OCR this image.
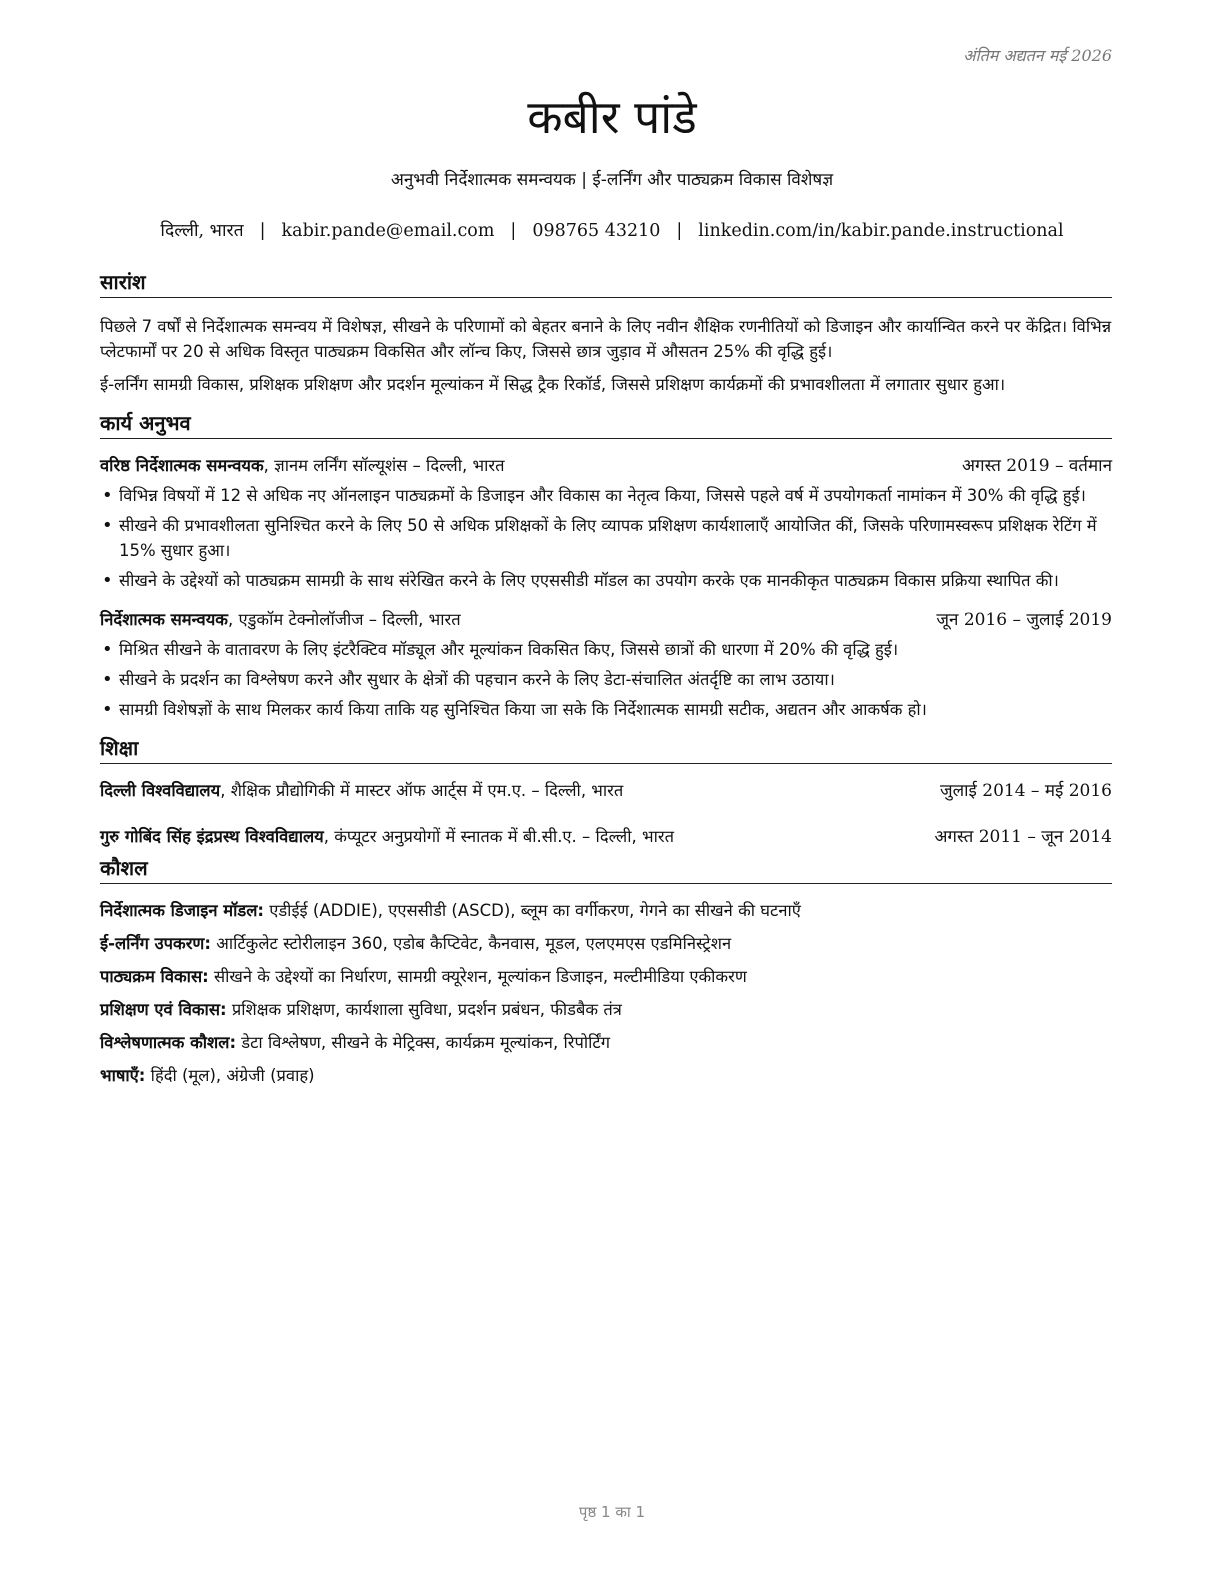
अंतिम अद्यतन मई 2026
कबीर पांडे
अनुभवी निर्देशात्मक समन्वयक | ई-लर्निंग और पाठ्यक्रम विकास विशेषज्ञ
दिल्ली, भारत | kabir.pande@email.com | 098765 43210 | linkedin.com/in/kabir.pande.instructional
सारांश

पिछले 7 वर्षों से निर्देशात्मक समन्वय में विशेषज्ञ, सीखने के परिणामों को बेहतर बनाने के लिए नवीन शैक्षिक रणनीतियों को डिजाइन और कार्यान्वित करने पर केंद्रित। विभिन्न प्लेटफार्मों पर 20 से अधिक विस्तृत पाठ्यक्रम विकसित और लॉन्च किए, जिससे छात्र जुड़ाव में औसतन 25% की वृद्धि हुई।

ई-लर्निंग सामग्री विकास, प्रशिक्षक प्रशिक्षण और प्रदर्शन मूल्यांकन में सिद्ध ट्रैक रिकॉर्ड, जिससे प्रशिक्षण कार्यक्रमों की प्रभावशीलता में लगातार सुधार हुआ।

कार्य अनुभव
वरिष्ठ निर्देशात्मक समन्वयक, ज्ञानम लर्निंग सॉल्यूशंस – दिल्ली, भारत	अगस्त 2019 – वर्तमान
• विभिन्न विषयों में 12 से अधिक नए ऑनलाइन पाठ्यक्रमों के डिजाइन और विकास का नेतृत्व किया, जिससे पहले वर्ष में उपयोगकर्ता नामांकन में 30% की वृद्धि हुई।
• सीखने की प्रभावशीलता सुनिश्चित करने के लिए 50 से अधिक प्रशिक्षकों के लिए व्यापक प्रशिक्षण कार्यशालाएँ आयोजित कीं, जिसके परिणामस्वरूप प्रशिक्षक रेटिंग में 15% सुधार हुआ।
• सीखने के उद्देश्यों को पाठ्यक्रम सामग्री के साथ संरेखित करने के लिए एएससीडी मॉडल का उपयोग करके एक मानकीकृत पाठ्यक्रम विकास प्रक्रिया स्थापित की।
निर्देशात्मक समन्वयक, एडुकॉम टेक्नोलॉजीज – दिल्ली, भारत	जून 2016 – जुलाई 2019
• मिश्रित सीखने के वातावरण के लिए इंटरैक्टिव मॉड्यूल और मूल्यांकन विकसित किए, जिससे छात्रों की धारणा में 20% की वृद्धि हुई।
• सीखने के प्रदर्शन का विश्लेषण करने और सुधार के क्षेत्रों की पहचान करने के लिए डेटा-संचालित अंतर्दृष्टि का लाभ उठाया।
• सामग्री विशेषज्ञों के साथ मिलकर कार्य किया ताकि यह सुनिश्चित किया जा सके कि निर्देशात्मक सामग्री सटीक, अद्यतन और आकर्षक हो।
शिक्षा
दिल्ली विश्वविद्यालय, शैक्षिक प्रौद्योगिकी में मास्टर ऑफ आर्ट्स में एम.ए. – दिल्ली, भारत	जुलाई 2014 – मई 2016
गुरु गोबिंद सिंह इंद्रप्रस्थ विश्वविद्यालय, कंप्यूटर अनुप्रयोगों में स्नातक में बी.सी.ए. – दिल्ली, भारत	अगस्त 2011 – जून 2014
कौशल
निर्देशात्मक डिजाइन मॉडल: एडीईई (ADDIE), एएससीडी (ASCD), ब्लूम का वर्गीकरण, गेगने का सीखने की घटनाएँ
ई-लर्निंग उपकरण: आर्टिकुलेट स्टोरीलाइन 360, एडोब कैप्टिवेट, कैनवास, मूडल, एलएमएस एडमिनिस्ट्रेशन
पाठ्यक्रम विकास: सीखने के उद्देश्यों का निर्धारण, सामग्री क्यूरेशन, मूल्यांकन डिजाइन, मल्टीमीडिया एकीकरण
प्रशिक्षण एवं विकास: प्रशिक्षक प्रशिक्षण, कार्यशाला सुविधा, प्रदर्शन प्रबंधन, फीडबैक तंत्र
विश्लेषणात्मक कौशल: डेटा विश्लेषण, सीखने के मेट्रिक्स, कार्यक्रम मूल्यांकन, रिपोर्टिंग
भाषाएँ: हिंदी (मूल), अंग्रेजी (प्रवाह)
पृष्ठ 1 का 1
